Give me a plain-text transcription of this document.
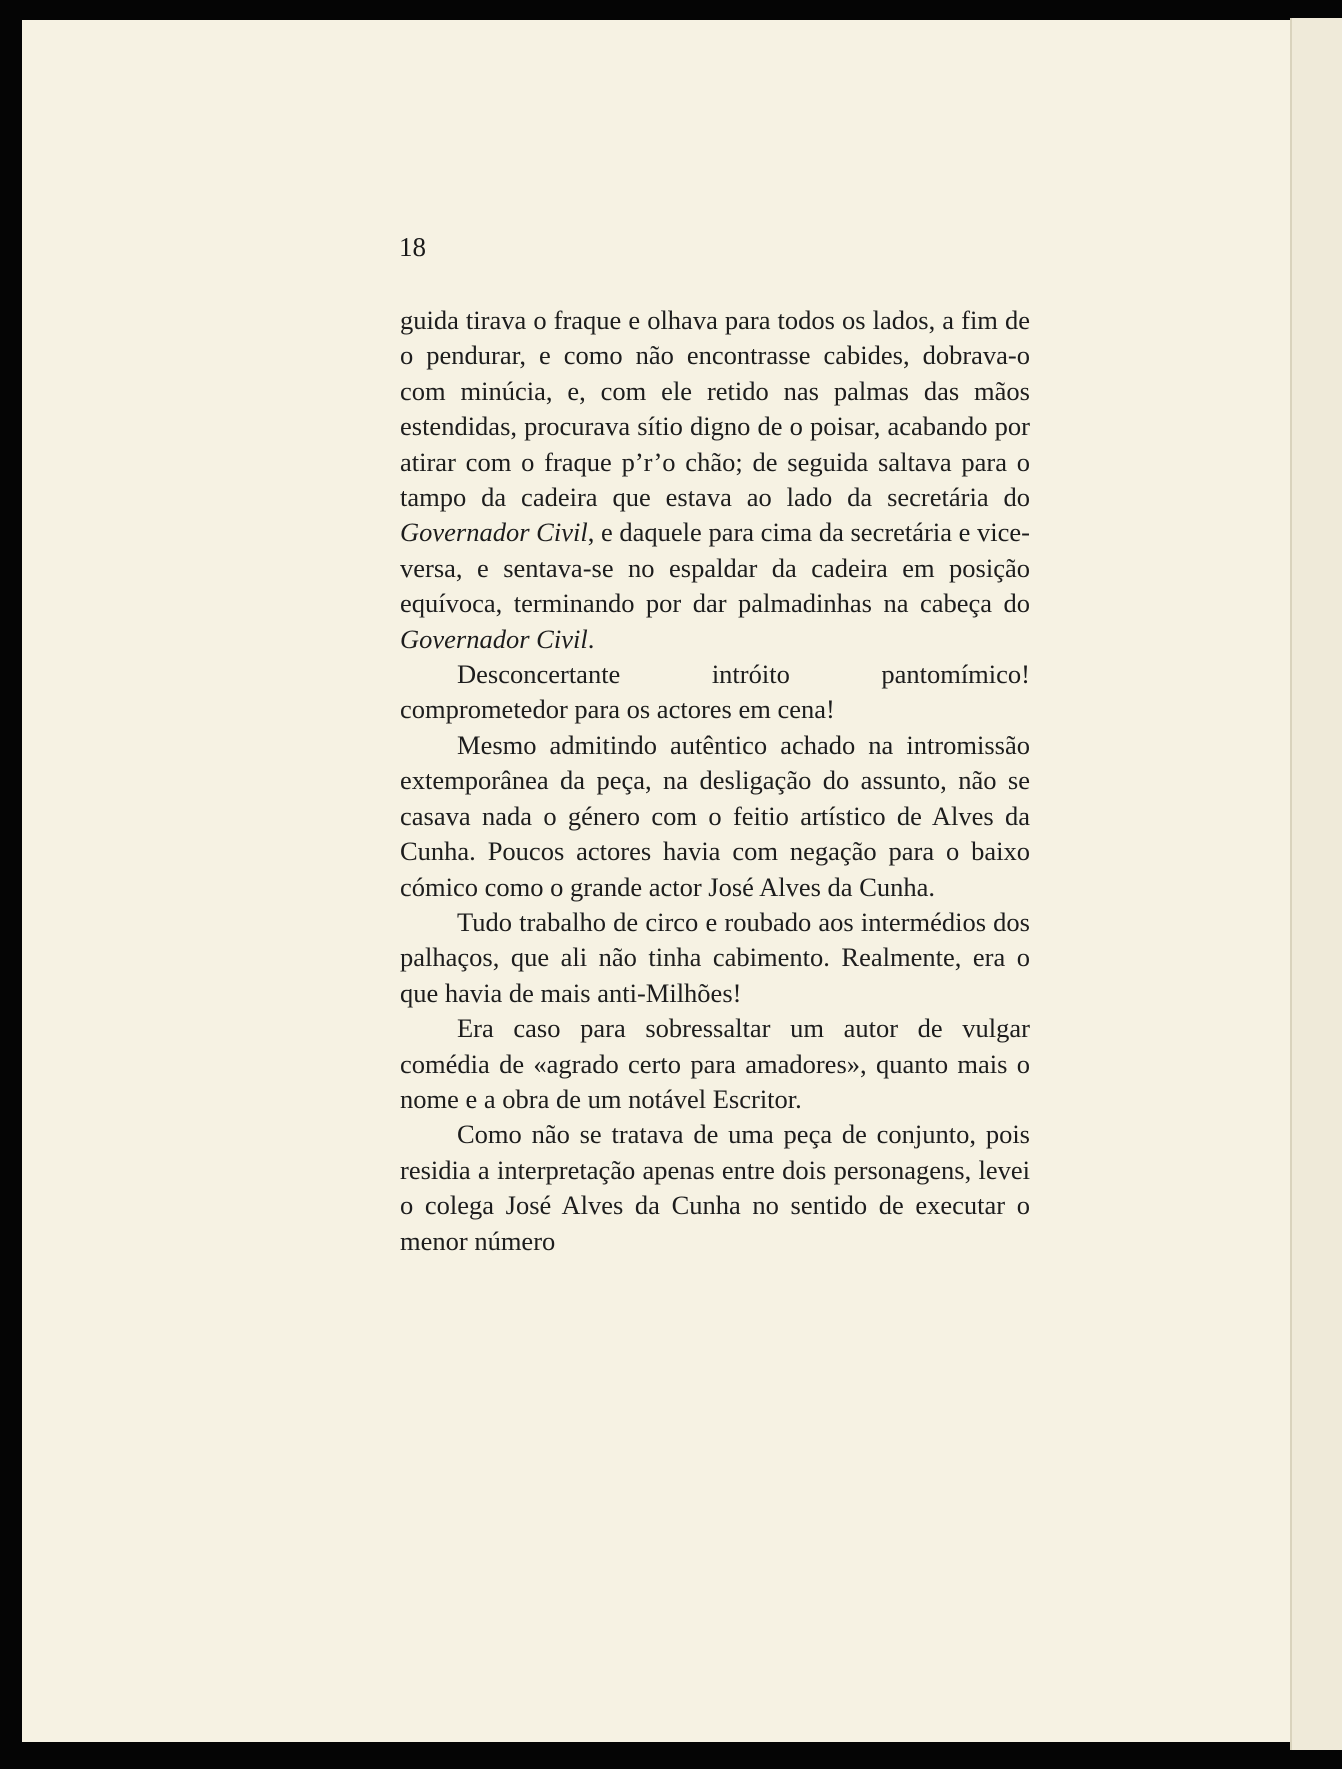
18

guida tirava o fraque e olhava para todos os lados, a fim de o pendurar, e como não encontrasse cabides, dobrava-o com minúcia, e, com ele retido nas palmas das mãos estendidas, procurava sítio digno de o poisar, acabando por atirar com o fraque p’r’o chão; de seguida saltava para o tampo da cadeira que estava ao lado da secretária do Governador Civil, e daquele para cima da secretária e vice-versa, e sentava-se no espaldar da cadeira em posição equívoca, terminando por dar palmadinhas na cabeça do Governador Civil.

Desconcertante intróito pantomímico! comprometedor para os actores em cena!

Mesmo admitindo autêntico achado na intromissão extemporânea da peça, na desligação do assunto, não se casava nada o género com o feitio artístico de Alves da Cunha. Poucos actores havia com negação para o baixo cómico como o grande actor José Alves da Cunha.

Tudo trabalho de circo e roubado aos intermédios dos palhaços, que ali não tinha cabimento. Realmente, era o que havia de mais anti-Milhões!

Era caso para sobressaltar um autor de vulgar comédia de «agrado certo para amadores», quanto mais o nome e a obra de um notável Escritor.

Como não se tratava de uma peça de conjunto, pois residia a interpretação apenas entre dois personagens, levei o colega José Alves da Cunha no sentido de executar o menor número
